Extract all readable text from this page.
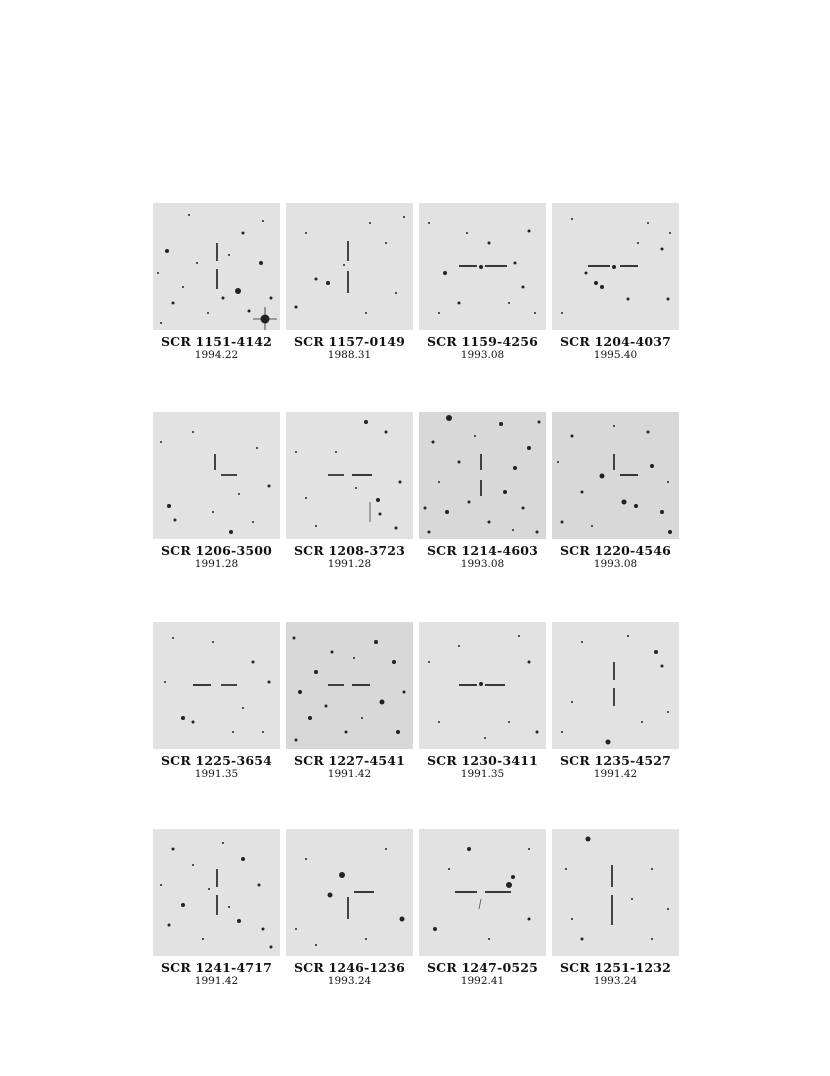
SCR 1151-4142
1994.22
SCR 1157-0149
1988.31
SCR 1159-4256
1993.08
SCR 1204-4037
1995.40
SCR 1206-3500
1991.28
SCR 1208-3723
1991.28
SCR 1214-4603
1993.08
SCR 1220-4546
1993.08
SCR 1225-3654
1991.35
SCR 1227-4541
1991.42
SCR 1230-3411
1991.35
SCR 1235-4527
1991.42
SCR 1241-4717
1991.42
SCR 1246-1236
1993.24
SCR 1247-0525
1992.41
SCR 1251-1232
1993.24
